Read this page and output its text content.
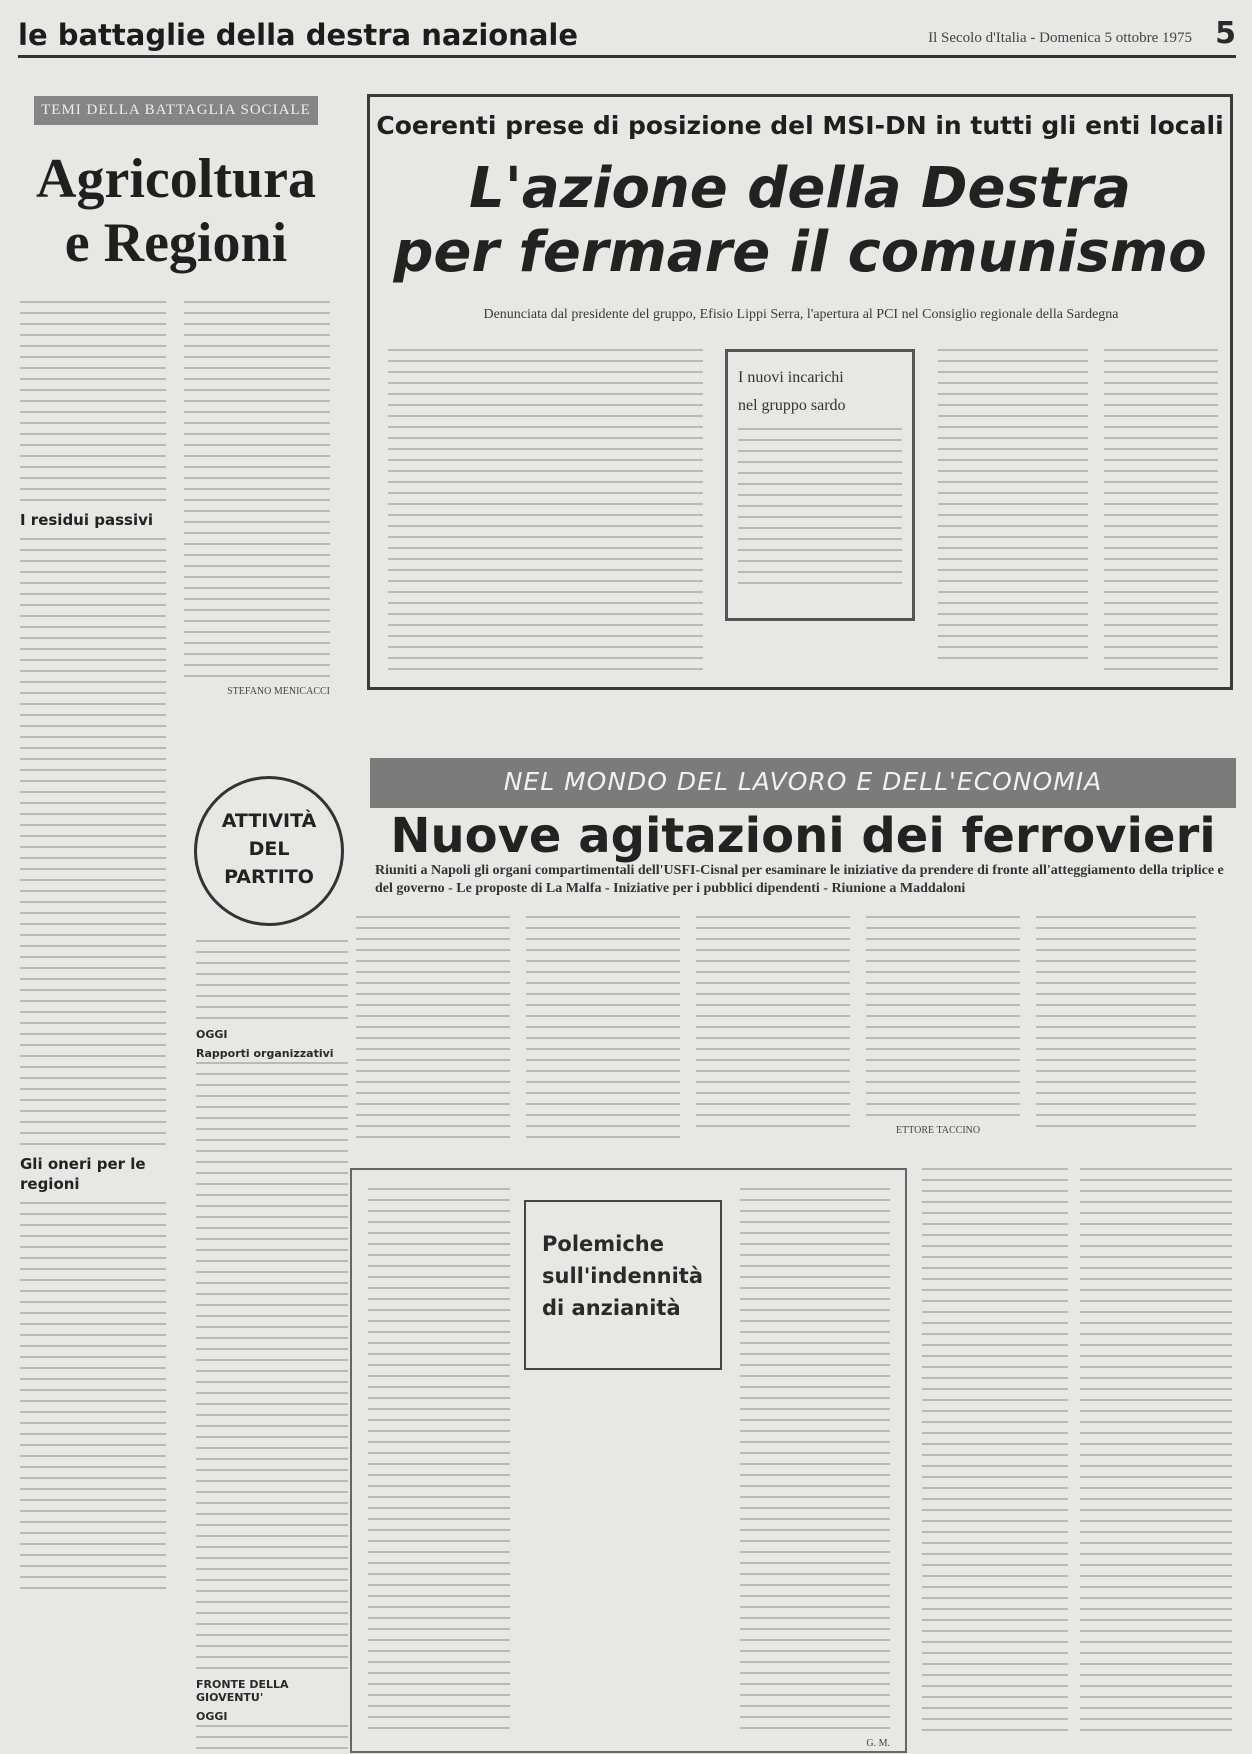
le battaglie della destra nazionale	Il Secolo d'Italia - Domenica 5 ottobre 1975 5
TEMI DELLA BATTAGLIA SOCIALE
Agricoltura
e Regioni
I residui passivi
Gli oneri per le regioni
STEFANO MENICACCI
Coerenti prese di posizione del MSI-DN in tutti gli enti locali
L'azione della Destra
per fermare il comunismo
Denunciata dal presidente del gruppo, Efisio Lippi Serra, l'apertura al PCI nel Consiglio regionale della Sardegna
I nuovi incarichi
nel gruppo sardo
ATTIVITÀ
DEL
PARTITO
OGGI
Rapporti organizzativi
FRONTE DELLA GIOVENTU'
OGGI
NEL MONDO DEL LAVORO E DELL'ECONOMIA
Nuove agitazioni dei ferrovieri
Riuniti a Napoli gli organi compartimentali dell'USFI-Cisnal per esaminare le iniziative da prendere di fronte all'atteggiamento della triplice e del governo - Le proposte di La Malfa - Iniziative per i pubblici dipendenti - Riunione a Maddaloni
ETTORE TACCINO
Polemiche
sull'indennità
di anzianità
G. M.
